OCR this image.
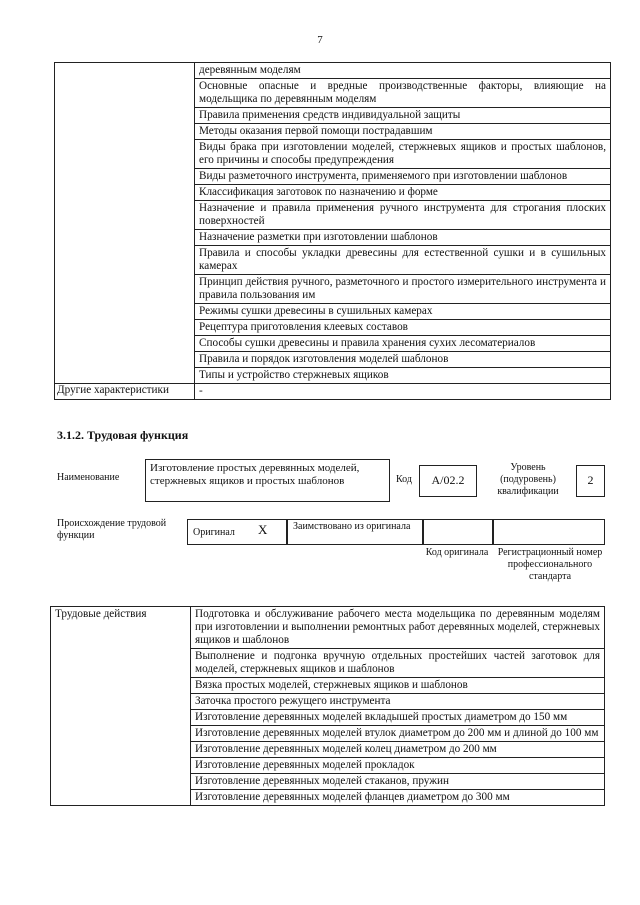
7
	деревянным моделям
	Основные опасные и вредные производственные факторы, влияющие на модельщика по деревянным моделям
	Правила применения средств индивидуальной защиты
	Методы оказания первой помощи пострадавшим
	Виды брака при изготовлении моделей, стержневых ящиков и простых шаблонов, его причины и способы предупреждения
	Виды разметочного инструмента, применяемого при изготовлении шаблонов
	Классификация заготовок по назначению и форме
	Назначение и правила применения ручного инструмента для строгания плоских поверхностей
	Назначение разметки при изготовлении шаблонов
	Правила и способы укладки древесины для естественной сушки и в сушильных камерах
	Принцип действия ручного, разметочного и простого измерительного инструмента и правила пользования им
	Режимы сушки древесины в сушильных камерах
	Рецептура приготовления клеевых составов
	Способы сушки древесины и правила хранения сухих лесоматериалов
	Правила и порядок изготовления моделей шаблонов
	Типы и устройство стержневых ящиков
Другие характеристики	-
3.1.2. Трудовая функция
Наименование
Изготовление простых деревянных моделей, стержневых ящиков и простых шаблонов	Код	A/02.2
Уровень (подуровень) квалификации
2
Происхождение трудовой функции	Оригинал X	Заимствовано из оригинала
Код оригинала Регистрационный номер профессионального стандарта
Трудовые действия	Подготовка и обслуживание рабочего места модельщика по деревянным моделям при изготовлении и выполнении ремонтных работ деревянных моделей, стержневых ящиков и шаблонов
Выполнение и подгонка вручную отдельных простейших частей заготовок для моделей, стержневых ящиков и шаблонов
Вязка простых моделей, стержневых ящиков и шаблонов
Заточка простого режущего инструмента
Изготовление деревянных моделей вкладышей простых диаметром до 150 мм
Изготовление деревянных моделей втулок диаметром до 200 мм и длиной до 100 мм
Изготовление деревянных моделей колец диаметром до 200 мм
Изготовление деревянных моделей прокладок
Изготовление деревянных моделей стаканов, пружин
Изготовление деревянных моделей фланцев диаметром до 300 мм
